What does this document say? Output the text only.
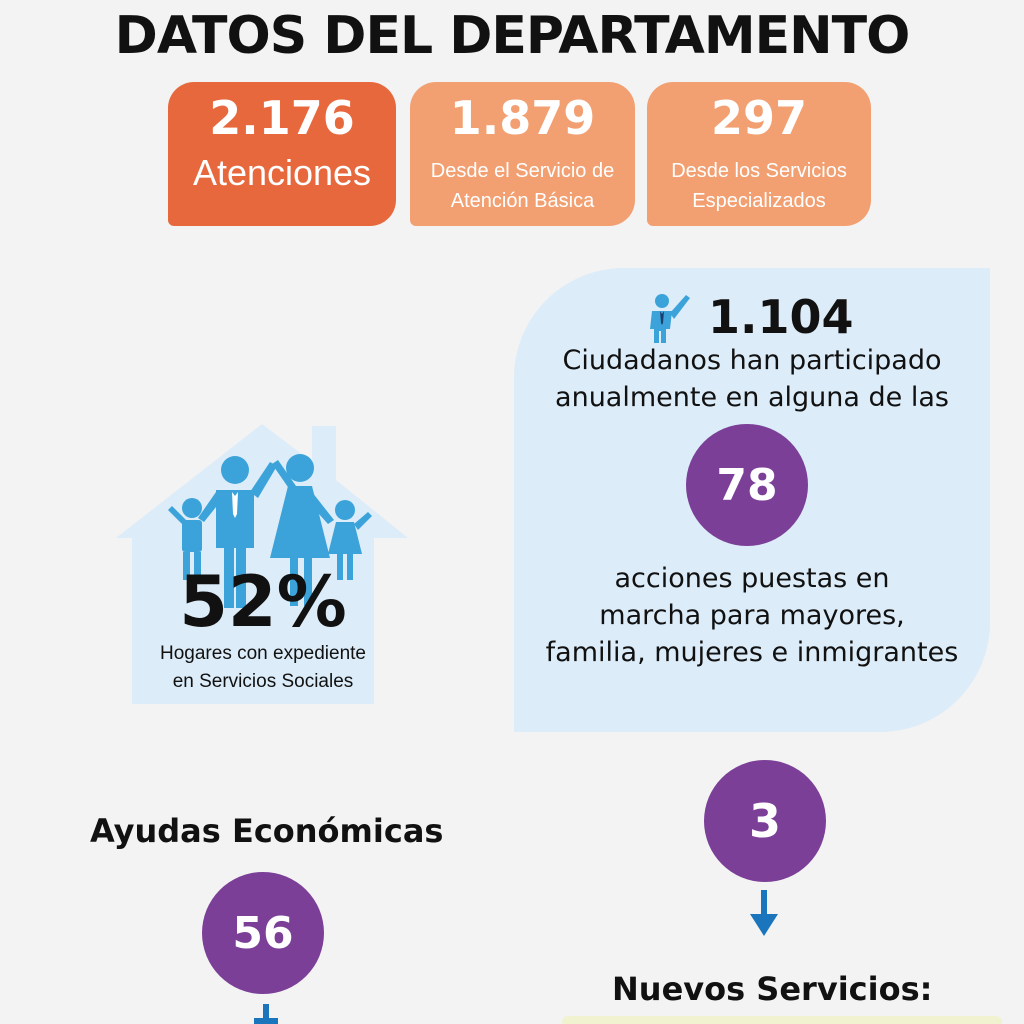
DATOS DEL DEPARTAMENTO
2.176
Atenciones
1.879
Desde el Servicio de
Atención Básica
297
Desde los Servicios
Especializados
52%
Hogares con expediente
en Servicios Sociales
1.104
Ciudadanos han participado
anualmente en alguna de las
78
acciones puestas en
marcha para mayores,
familia, mujeres e inmigrantes
3
Nuevos Servicios:
Ayudas Económicas
56
